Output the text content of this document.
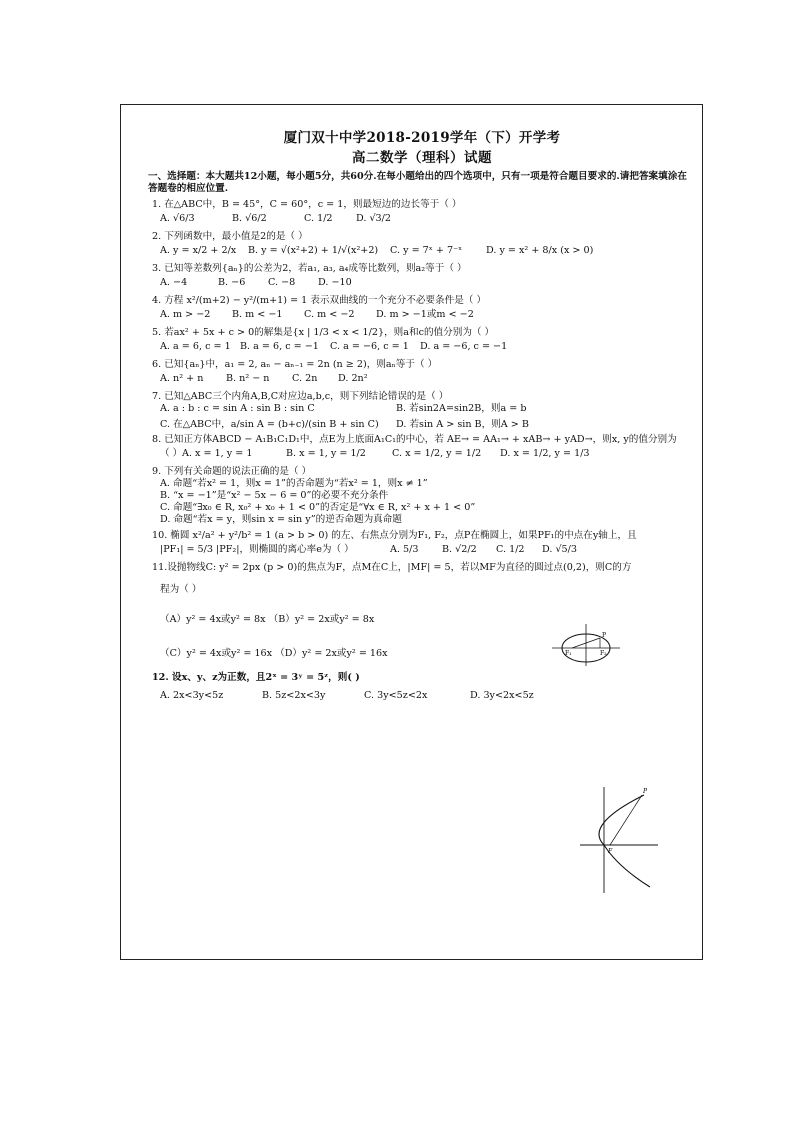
厦门双十中学2018-2019学年（下）开学考
高二数学（理科）试题
一、选择题：本大题共12小题，每小题5分，共60分.在每小题给出的四个选项中，只有一项是符合题目要求的.请把答案填涂在答题卷的相应位置.
1. 在△ABC中，B = 45°，C = 60°，c = 1，则最短边的边长等于（ ）
A. √6/3	B. √6/2	C. 1/2	D. √3/2
2. 下列函数中，最小值是2的是（ ）
A. y = x/2 + 2/x	B. y = √(x²+2) + 1/√(x²+2)	C. y = 7ˣ + 7⁻ˣ	D. y = x² + 8/x (x > 0)
3. 已知等差数列{aₙ}的公差为2，若a₁, a₃, a₄成等比数列，则a₂等于（ ）
A. −4	B. −6	C. −8	D. −10
4. 方程 x²/(m+2) − y²/(m+1) = 1 表示双曲线的一个充分不必要条件是（ ）
A. m > −2	B. m < −1	C. m < −2	D. m > −1或m < −2
5. 若ax² + 5x + c > 0的解集是{x | 1/3 < x < 1/2}，则a和c的值分别为（ ）
A. a = 6, c = 1 B. a = 6, c = −1	C. a = −6, c = 1	D. a = −6, c = −1
6. 已知{aₙ}中，a₁ = 2, aₙ − aₙ₋₁ = 2n (n ≥ 2)，则aₙ等于（ ）
A. n² + n	B. n² − n	C. 2n	D. 2n²
7. 已知△ABC三个内角A,B,C对应边a,b,c，则下列结论错误的是（ ）
A. a : b : c = sin A : sin B : sin C	B. 若sin2A=sin2B，则a = b
C. 在△ABC中，a/sin A = (b+c)/(sin B + sin C)	D. 若sin A > sin B，则A > B
8. 已知正方体ABCD − A₁B₁C₁D₁中，点E为上底面A₁C₁的中心，若 AE→ = AA₁→ + xAB→ + yAD→，则x, y的值分别为
（ ） A. x = 1, y = 1	B. x = 1, y = 1/2	C. x = 1/2, y = 1/2	D. x = 1/2, y = 1/3
9. 下列有关命题的说法正确的是（ ）
A. 命题“若x² = 1，则x = 1”的否命题为“若x² = 1，则x ≠ 1”
B. “x = −1”是“x² − 5x − 6 = 0”的必要不充分条件
C. 命题“∃x₀ ∈ R, x₀² + x₀ + 1 < 0”的否定是“∀x ∈ R, x² + x + 1 < 0”
D. 命题“若x = y，则sin x = sin y”的逆否命题为真命题
10. 椭圆 x²/a² + y²/b² = 1 (a > b > 0) 的左、右焦点分别为F₁, F₂，点P在椭圆上，如果PF₁的中点在y轴上，且
|PF₁| = 5/3 |PF₂|，则椭圆的离心率e为（ ）	A. 5/3	B. √2/2	C. 1/2	D. √5/3
11.设抛物线C: y² = 2px (p > 0)的焦点为F，点M在C上，|MF| = 5，若以MF为直径的圆过点(0,2)，则C的方
程为（ ）
（A）y² = 4x或y² = 8x （B）y² = 2x或y² = 8x
（C）y² = 4x或y² = 16x （D）y² = 2x或y² = 16x
12. 设x、y、z为正数，且2ˣ = 3ʸ = 5ᶻ，则( )
A. 2x<3y<5z	B. 5z<2x<3y	C. 3y<5z<2x	D. 3y<2x<5z
F₁	F₂
P
P
F
